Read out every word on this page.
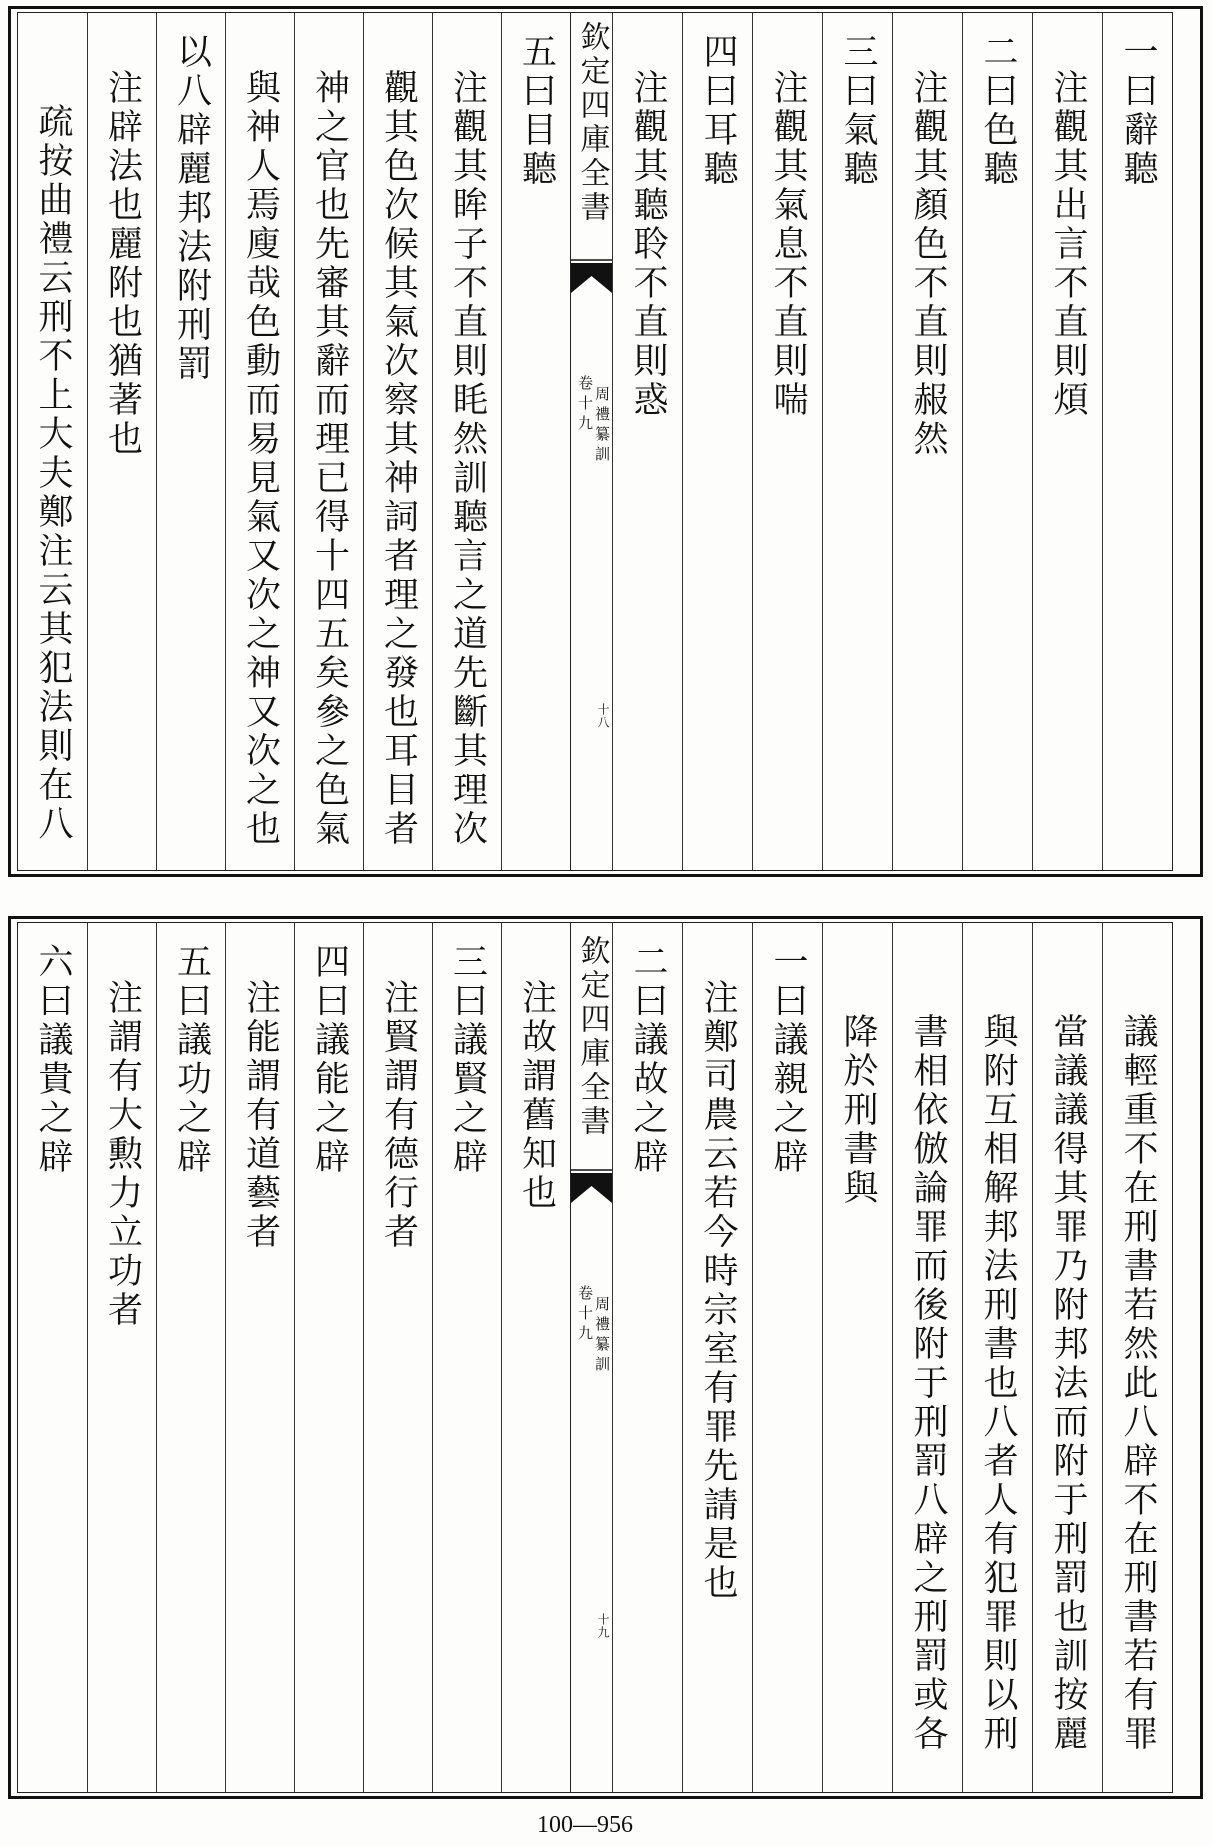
一曰辭聽
注觀其出言不直則煩
二曰色聽
注觀其顏色不直則赧然
三曰氣聽
注觀其氣息不直則喘
四曰耳聽
注觀其聽聆不直則惑
欽定四庫全書
周禮纂訓
卷十九
十八
五曰目聽
注觀其眸子不直則眊然訓聽言之道先斷其理次
觀其色次候其氣次察其神詞者理之發也耳目者
神之官也先審其辭而理已得十四五矣參之色氣
與神人焉廋哉色動而易見氣又次之神又次之也
以八辟麗邦法附刑罰
注辟法也麗附也猶著也
疏按曲禮云刑不上大夫鄭注云其犯法則在八
議輕重不在刑書若然此八辟不在刑書若有罪
當議議得其罪乃附邦法而附于刑罰也訓按麗
與附互相解邦法刑書也八者人有犯罪則以刑
書相依倣論罪而後附于刑罰八辟之刑罰或各
降於刑書與
一曰議親之辟
注鄭司農云若今時宗室有罪先請是也
二曰議故之辟
欽定四庫全書
周禮纂訓
卷十九
十九
注故謂舊知也
三曰議賢之辟
注賢謂有德行者
四曰議能之辟
注能謂有道藝者
五曰議功之辟
注謂有大勲力立功者
六曰議貴之辟
100—956
